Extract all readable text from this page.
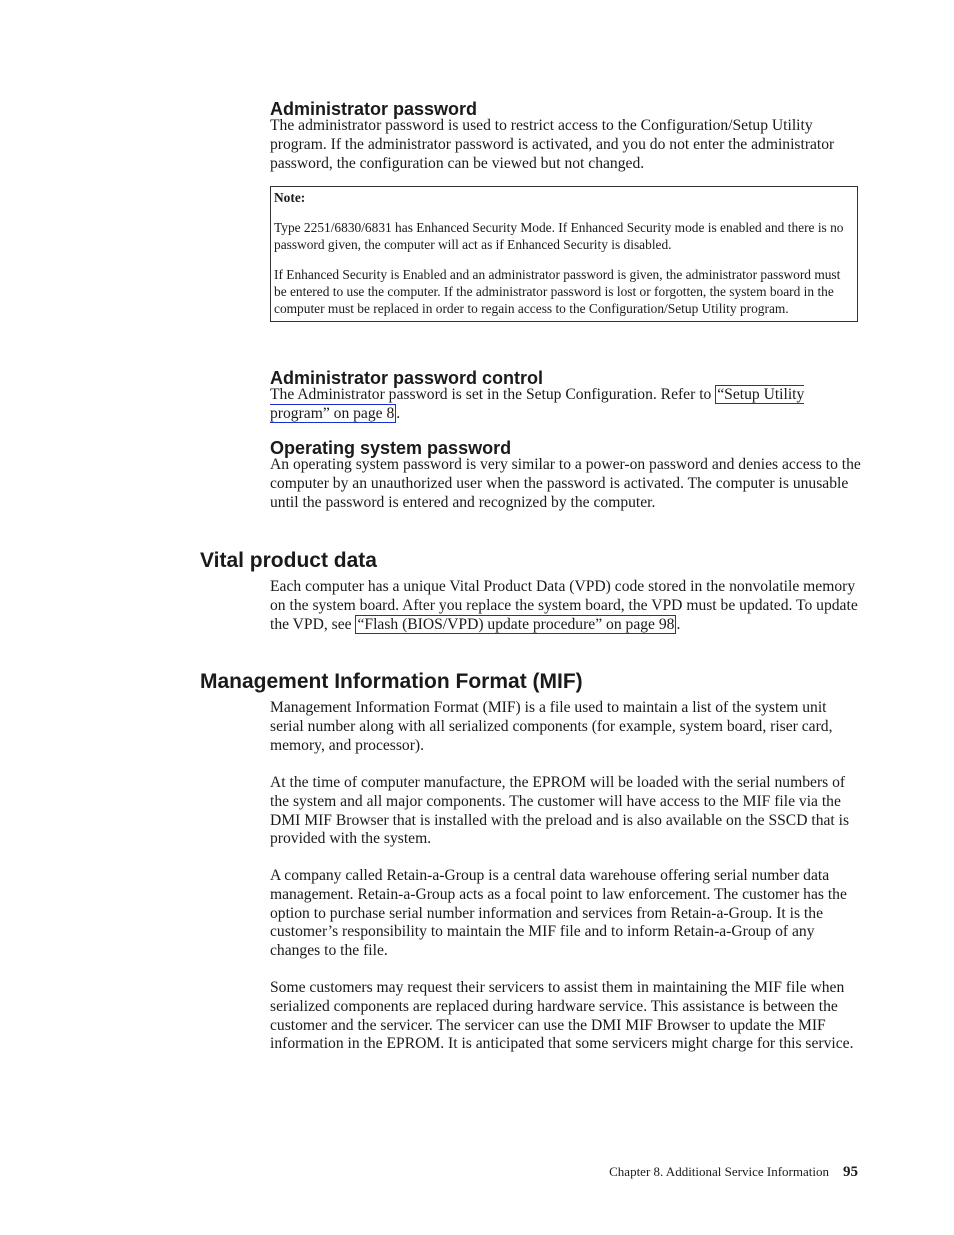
Administrator password

The administrator password is used to restrict access to the Configuration/Setup Utility program. If the administrator password is activated, and you do not enter the administrator password, the configuration can be viewed but not changed.

Note:

Type 2251/6830/6831 has Enhanced Security Mode. If Enhanced Security mode is enabled and there is no password given, the computer will act as if Enhanced Security is disabled.

If Enhanced Security is Enabled and an administrator password is given, the administrator password must be entered to use the computer. If the administrator password is lost or forgotten, the system board in the computer must be replaced in order to regain access to the Configuration/Setup Utility program.

Administrator password control

The Administrator password is set in the Setup Configuration. Refer to “Setup Utility program” on page 8 .

Operating system password

An operating system password is very similar to a power-on password and denies access to the computer by an unauthorized user when the password is activated. The computer is unusable until the password is entered and recognized by the computer.

Vital product data

Each computer has a unique Vital Product Data (VPD) code stored in the nonvolatile memory on the system board. After you replace the system board, the VPD must be updated. To update the VPD, see “Flash (BIOS/VPD) update procedure” on page 98 .

Management Information Format (MIF)

Management Information Format (MIF) is a file used to maintain a list of the system unit serial number along with all serialized components (for example, system board, riser card, memory, and processor).

At the time of computer manufacture, the EPROM will be loaded with the serial numbers of the system and all major components. The customer will have access to the MIF file via the DMI MIF Browser that is installed with the preload and is also available on the SSCD that is provided with the system.

A company called Retain-a-Group is a central data warehouse offering serial number data management. Retain-a-Group acts as a focal point to law enforcement. The customer has the option to purchase serial number information and services from Retain-a-Group. It is the customer’s responsibility to maintain the MIF file and to inform Retain-a-Group of any changes to the file.

Some customers may request their servicers to assist them in maintaining the MIF file when serialized components are replaced during hardware service. This assistance is between the customer and the servicer. The servicer can use the DMI MIF Browser to update the MIF information in the EPROM. It is anticipated that some servicers might charge for this service.

Chapter 8. Additional Service Information 95
